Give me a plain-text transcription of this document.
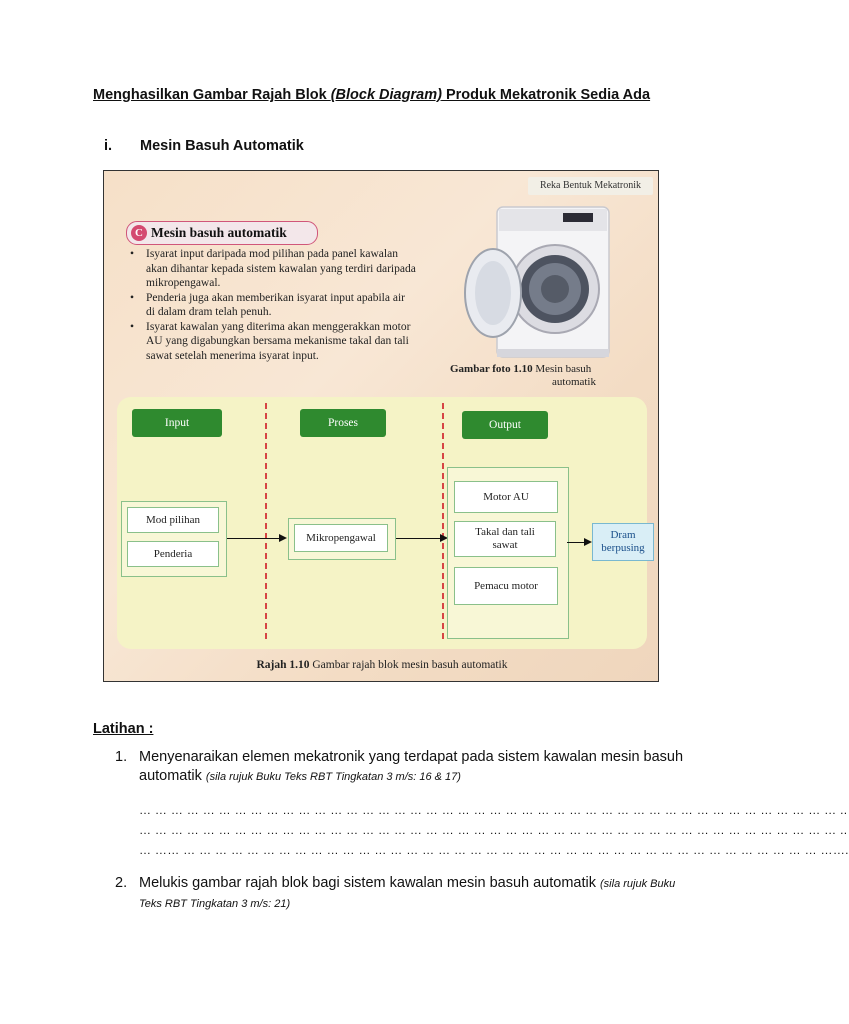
Menghasilkan Gambar Rajah Blok (Block Diagram) Produk Mekatronik Sedia Ada
i. Mesin Basuh Automatik
Reka Bentuk Mekatronik
C Mesin basuh automatik
• Isyarat input daripada mod pilihan pada panel kawalan akan dihantar kepada sistem kawalan yang terdiri daripada mikropengawal.
• Penderia juga akan memberikan isyarat input apabila air di dalam dram telah penuh.
• Isyarat kawalan yang diterima akan menggerakkan motor AU yang digabungkan bersama mekanisme takal dan tali sawat setelah menerima isyarat input.
Gambar foto 1.10 Mesin basuh
automatik
Input	Proses	Output
Mod pilihan
Penderia
Mikropengawal
Motor AU
Takal dan tali sawat
Pemacu motor
Dram berpusing
Rajah 1.10 Gambar rajah blok mesin basuh automatik
Latihan :
1. Menyenaraikan elemen mekatronik yang terdapat pada sistem kawalan mesin basuh automatik (sila rujuk Buku Teks RBT Tingkatan 3 m/s: 16 & 17)
… … … … … … … … … … … … … … … … … … … … … … … … … … … … … … … … … … … … … … … … … … … … ..
… … … … … … … … … … … … … … … … … … … … … … … … … … … … … … … … … … … … … … … … … … … … ..
… …… … … … … … … … … … … … … … … … … … … … … … … … … … … … … … … … … … … … … … … … … …….
2. Melukis gambar rajah blok bagi sistem kawalan mesin basuh automatik (sila rujuk Buku Teks RBT Tingkatan 3 m/s: 21)
